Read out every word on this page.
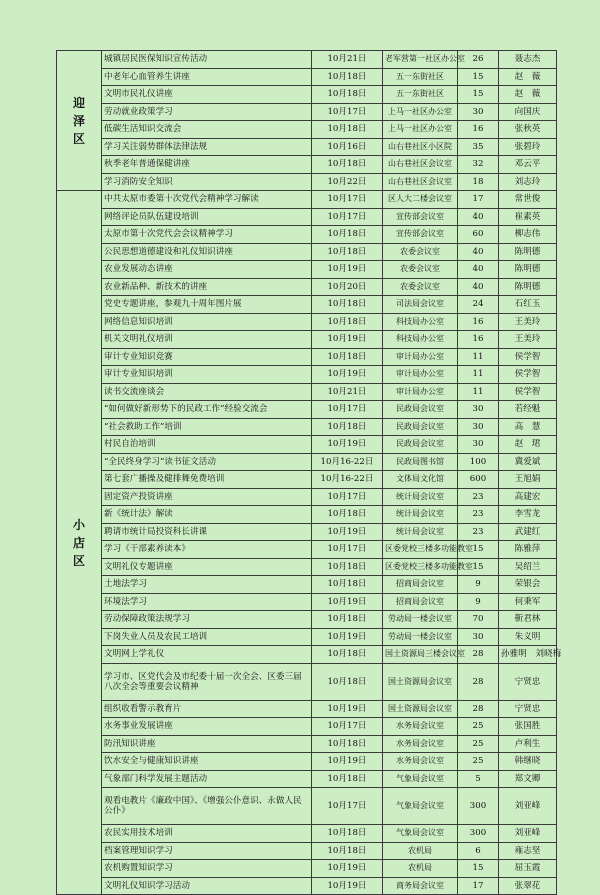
迎
泽
区	城镇居民医保知识宣传活动	10月21日	老军营第一社区办公室	26	聂志杰
	中老年心血管养生讲座	10月18日	五一东街社区	15	赵　薇
	文明市民礼仪讲座	10月18日	五一东街社区	15	赵　薇
	劳动就业政策学习	10月17日	上马一社区办公室	30	向国庆
	低碳生活知识交流会	10月18日	上马一社区办公室	16	张秋英
	学习关注弱势群体法律法规	10月16日	山右巷社区小区院	35	张碧玲
	秋季老年普通保健讲座	10月18日	山右巷社区会议室	32	邓云平
	学习消防安全知识	10月22日	山右巷社区会议室	18	刘志玲
小
店
区	中共太原市委第十次党代会精神学习解读	10月17日	区人大二楼会议室	17	常世俊
	网络评论员队伍建设培训	10月17日	宣传部会议室	40	崔素英
	太原市第十次党代会会议精神学习	10月18日	宣传部会议室	60	柳志伟
	公民思想道德建设和礼仪知识讲座	10月18日	农委会议室	40	陈明德
	农业发展动态讲座	10月19日	农委会议室	40	陈明德
	农业新品种、新技术的讲座	10月20日	农委会议室	40	陈明德
	党史专题讲座，参观九十周年图片展	10月18日	司法局会议室	24	石红玉
	网络信息知识培训	10月18日	科技局办公室	16	王美玲
	机关文明礼仪培训	10月19日	科技局办公室	16	王美玲
	审计专业知识竞赛	10月18日	审计局办公室	11	侯学智
	审计专业知识培训	10月19日	审计局办公室	11	侯学智
	读书交流座谈会	10月21日	审计局办公室	11	侯学智
	“如何做好新形势下的民政工作”经验交流会	10月17日	民政局会议室	30	若经魁
	“社会救助工作”培训	10月18日	民政局会议室	30	高　慧
	村民自治培训	10月19日	民政局会议室	30	赵　珺
	“全民终身学习”读书征文活动	10月16-22日	民政局图书馆	100	冀爱斌
	第七套广播操及健排舞免费培训	10月16-22日	文体局文化馆	600	王旭娟
	固定资产投资讲座	10月17日	统计局会议室	23	高建宏
	新《统计法》解读	10月18日	统计局会议室	23	李雪龙
	聘请市统计局投资科长讲课	10月19日	统计局会议室	23	武建红
	学习《干部素养读本》	10月17日	区委党校三楼多功能教室	15	陈雅萍
	文明礼仪专题讲座	10月18日	区委党校三楼多功能教室	15	吴绍兰
	土地法学习	10月18日	招商局会议室	9	荣银会
	环境法学习	10月19日	招商局会议室	9	何秉军
	劳动保障政策法规学习	10月18日	劳动局一楼会议室	70	靳君林
	下岗失业人员及农民工培训	10月19日	劳动局一楼会议室	30	朱义明
	文明网上学礼仪	10月18日	国土资源局三楼会议室	28	孙雅明　刘晓梅
	学习市、区党代会及市纪委十届一次全会、区委三届八次全会等重要会议精神	10月18日	国土资源局会议室	28	宁贤忠
	组织收看警示教育片	10月19日	国土资源局会议室	28	宁贤忠
	水务事业发展讲座	10月17日	水务局会议室	25	张国胜
	防汛知识讲座	10月18日	水务局会议室	25	卢利生
	饮水安全与健康知识讲座	10月19日	水务局会议室	25	韩继晓
	气象部门科学发展主题活动	10月18日	气象局会议室	5	郑文卿
	观看电教片《廉政中国》、《增强公仆意识、永做人民公仆》	10月17日	气象局会议室	300	刘亚峰
	农民实用技术培训	10月18日	气象局会议室	300	刘亚峰
	档案管理知识学习	10月18日	农机局	6	雍志坚
	农机购置知识学习	10月19日	农机局	15	屈玉霞
	文明礼仪知识学习活动	10月19日	商务局会议室	17	张翠花
